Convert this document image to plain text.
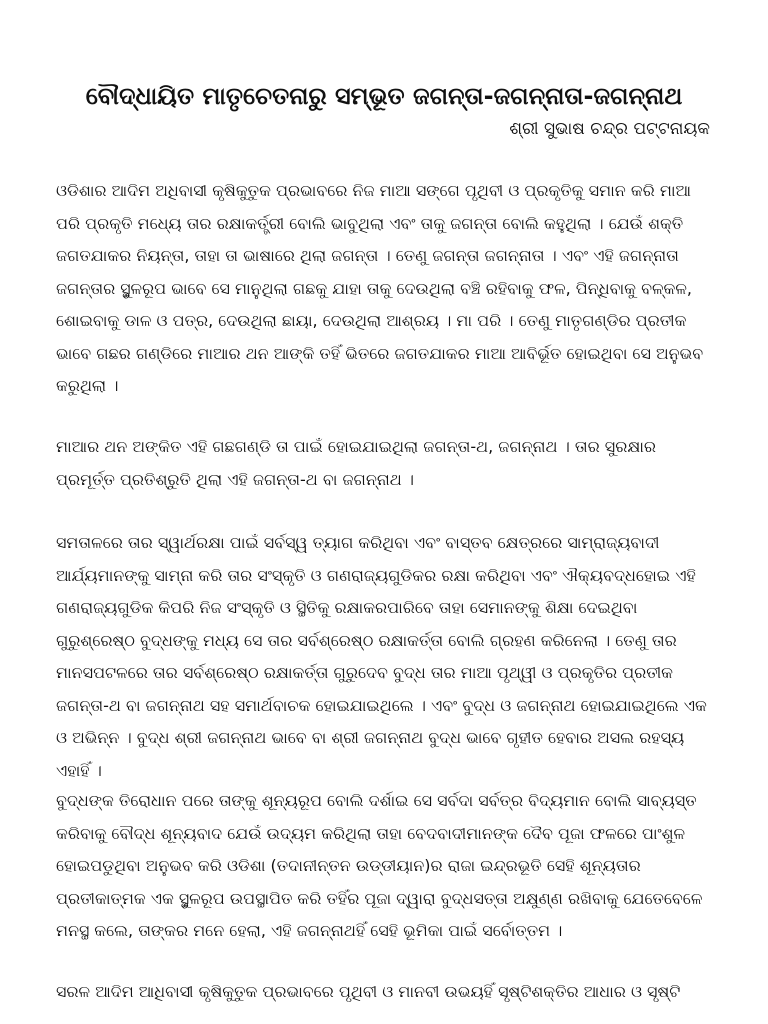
ବୌଦ୍ଧାୟିତ ମାତୃଚେତନାରୁ ସମ୍ଭୂତ ଜଗନ୍ତା-ଜଗନ୍ନାତା-ଜଗନ୍ନାଥ
ଶ୍ରୀ ସୁଭାଷ ଚନ୍ଦ୍ର ପଟ୍ଟନାୟକ

ଓଡିଶାର ଆଦିମ ଅଧିବାସୀ କୃଷିକୁତୁକ ପ୍ରଭାବରେ ନିଜ ମାଆ ସଙ୍ଗେ ପୃଥିବୀ ଓ ପ୍ରକୃତିକୁ ସମାନ କରି ମାଆ ପରି ପ୍ରକୃତି ମଧ୍ୟେ ତାର ରକ୍ଷାକର୍ତ୍ତ୍ରୀ ବୋଲି ଭାବୁଥିଲା ଏବଂ ତାକୁ ଜଗନ୍ତା ବୋଲି କହୁଥିଲା । ଯେଉଁ ଶକ୍ତି ଜଗତଯାକର ନିୟନ୍ତା, ତାହା ତା ଭାଷାରେ ଥିଲା ଜଗନ୍ତା । ତେଣୁ ଜଗନ୍ତା ଜଗନ୍ନାତା । ଏବଂ ଏହି ଜଗନ୍ନାତା ଜଗନ୍ତାର ସ୍ଥୁଳରୂପ ଭାବେ ସେ ମାନୁଥିଲା ଗଛକୁ ଯାହା ତାକୁ ଦେଉଥିଲା ବଞ୍ଚି ରହିବାକୁ ଫଳ, ପିନ୍ଧିବାକୁ ବଳ୍କଳ, ଶୋଇବାକୁ ଡାଳ ଓ ପତ୍ର, ଦେଉଥିଲା ଛାୟା, ଦେଉଥିଲା ଆଶ୍ରୟ । ମା ପରି । ତେଣୁ ମାତୃଗଣ୍ଡିର ପ୍ରତୀକ ଭାବେ ଗଛର ଗଣ୍ଡିରେ ମାଆର ଥନ ଆଙ୍କି ତହିଁ ଭିତରେ ଜଗତଯାକର ମାଆ ଆବିର୍ଭୂତ ହୋଇଥିବା ସେ ଅନୁଭବ କରୁଥିଲା ।

ମାଆର ଥନ ଅଙ୍କିତ ଏହି ଗଛଗଣ୍ଡି ତା ପାଇଁ ହୋଇଯାଇଥିଲା ଜଗନ୍ତା-ଥ, ଜଗନ୍ନାଥ । ତାର ସୁରକ୍ଷାର ପ୍ରମୂର୍ତ୍ତ ପ୍ରତିଶ୍ରୁତି ଥିଲା ଏହି ଜଗନ୍ତା-ଥ ବା ଜଗନ୍ନାଥ ।

ସମତାଳରେ ତାର ସ୍ୱାର୍ଥରକ୍ଷା ପାଇଁ ସର୍ବସ୍ୱ ତ୍ୟାଗ କରିଥିବା ଏବଂ ବାସ୍ତବ କ୍ଷେତ୍ରରେ ସାମ୍ରାଜ୍ୟବାଦୀ ଆର୍ଯ୍ୟମାନଙ୍କୁ ସାମ୍ନା କରି ତାର ସଂସ୍କୃତି ଓ ଗଣରାଜ୍ୟଗୁଡିକର ରକ୍ଷା କରିଥିବା ଏବଂ ଐକ୍ୟବଦ୍ଧହୋଇ ଏହି ଗଣରାଜ୍ୟଗୁଡିକ କିପରି ନିଜ ସଂସ୍କୃତି ଓ ସ୍ଥିତିକୁ ରକ୍ଷାକରପାରିବେ ତାହା ସେମାନଙ୍କୁ ଶିକ୍ଷା ଦେଇଥିବା ଗୁରୁଶ୍ରେଷ୍ଠ ବୁଦ୍ଧଙ୍କୁ ମଧ୍ୟ ସେ ତାର ସର୍ବଶ୍ରେଷ୍ଠ ରକ୍ଷାକର୍ତ୍ତା ବୋଲି ଗ୍ରହଣ କରିନେଲା । ତେଣୁ ତାର ମାନସପଟଳରେ ତାର ସର୍ବଶ୍ରେଷ୍ଠ ରକ୍ଷାକର୍ତ୍ତା ଗୁରୁଦେବ ବୁଦ୍ଧ ତାର ମାଆ ପୃଥ୍ୱୀ ଓ ପ୍ରକୃତିର ପ୍ରତୀକ ଜଗନ୍ତା-ଥ ବା ଜଗନ୍ନାଥ ସହ ସମାର୍ଥବାଚକ ହୋଇଯାଇଥିଲେ । ଏବଂ ବୁଦ୍ଧ ଓ ଜଗନ୍ନାଥ ହୋଇଯାଇଥିଲେ ଏକ ଓ ଅଭିନ୍ନ । ବୁଦ୍ଧ ଶ୍ରୀ ଜଗନ୍ନାଥ ଭାବେ ବା ଶ୍ରୀ ଜଗନ୍ନାଥ ବୁଦ୍ଧ ଭାବେ ଗୃହୀତ ହେବାର ଅସଲ ରହସ୍ୟ ଏହାହିଁ ।

ବୁଦ୍ଧଙ୍କ ତିରୋଧାନ ପରେ ତାଙ୍କୁ ଶୂନ୍ୟରୂପ ବୋଲି ଦର୍ଶାଇ ସେ ସର୍ବଦା ସର୍ବତ୍ର ବିଦ୍ୟମାନ ବୋଲି ସାବ୍ୟସ୍ତ କରିବାକୁ ବୌଦ୍ଧ ଶୂନ୍ୟବାଦ ଯେଉଁ ଉଦ୍ୟମ କରିଥିଲା ତାହା ବେଦବାଦୀମାନଙ୍କ ଦୈବ ପୂଜା ଫଳରେ ପାଂଶୁଳ ହୋଇପଡୁଥିବା ଅନୁଭବ କରି ଓଡିଶା (ତଦାନୀନ୍ତନ ଉଡ୍ଡୀୟାନ)ର ରାଜା ଇନ୍ଦ୍ରଭୂତି ସେହି ଶୂନ୍ୟତାର ପ୍ରତୀକାତ୍ମକ ଏକ ସ୍ଥୁଳରୂପ ଉପସ୍ଥାପିତ କରି ତହିଁର ପୂଜା ଦ୍ୱାରା ବୁଦ୍ଧସତ୍ତା ଅକ୍ଷୁଣ୍ଣ ରଖିବାକୁ ଯେତେବେଳେ ମନସ୍ଥ କଲେ, ତାଙ୍କର ମନେ ହେଲା, ଏହି ଜଗନ୍ନାଥହିଁ ସେହି ଭୂମିକା ପାଇଁ ସର୍ବୋତ୍ତମ ।

ସରଳ ଆଦିମ ଆଧିବାସୀ କୃଷିକୁତୁକ ପ୍ରଭାବରେ ପୃଥିବୀ ଓ ମାନବୀ ଉଭୟହିଁ ସୃଷ୍ଟିଶକ୍ତିର ଆଧାର ଓ ସୃଷ୍ଟି
